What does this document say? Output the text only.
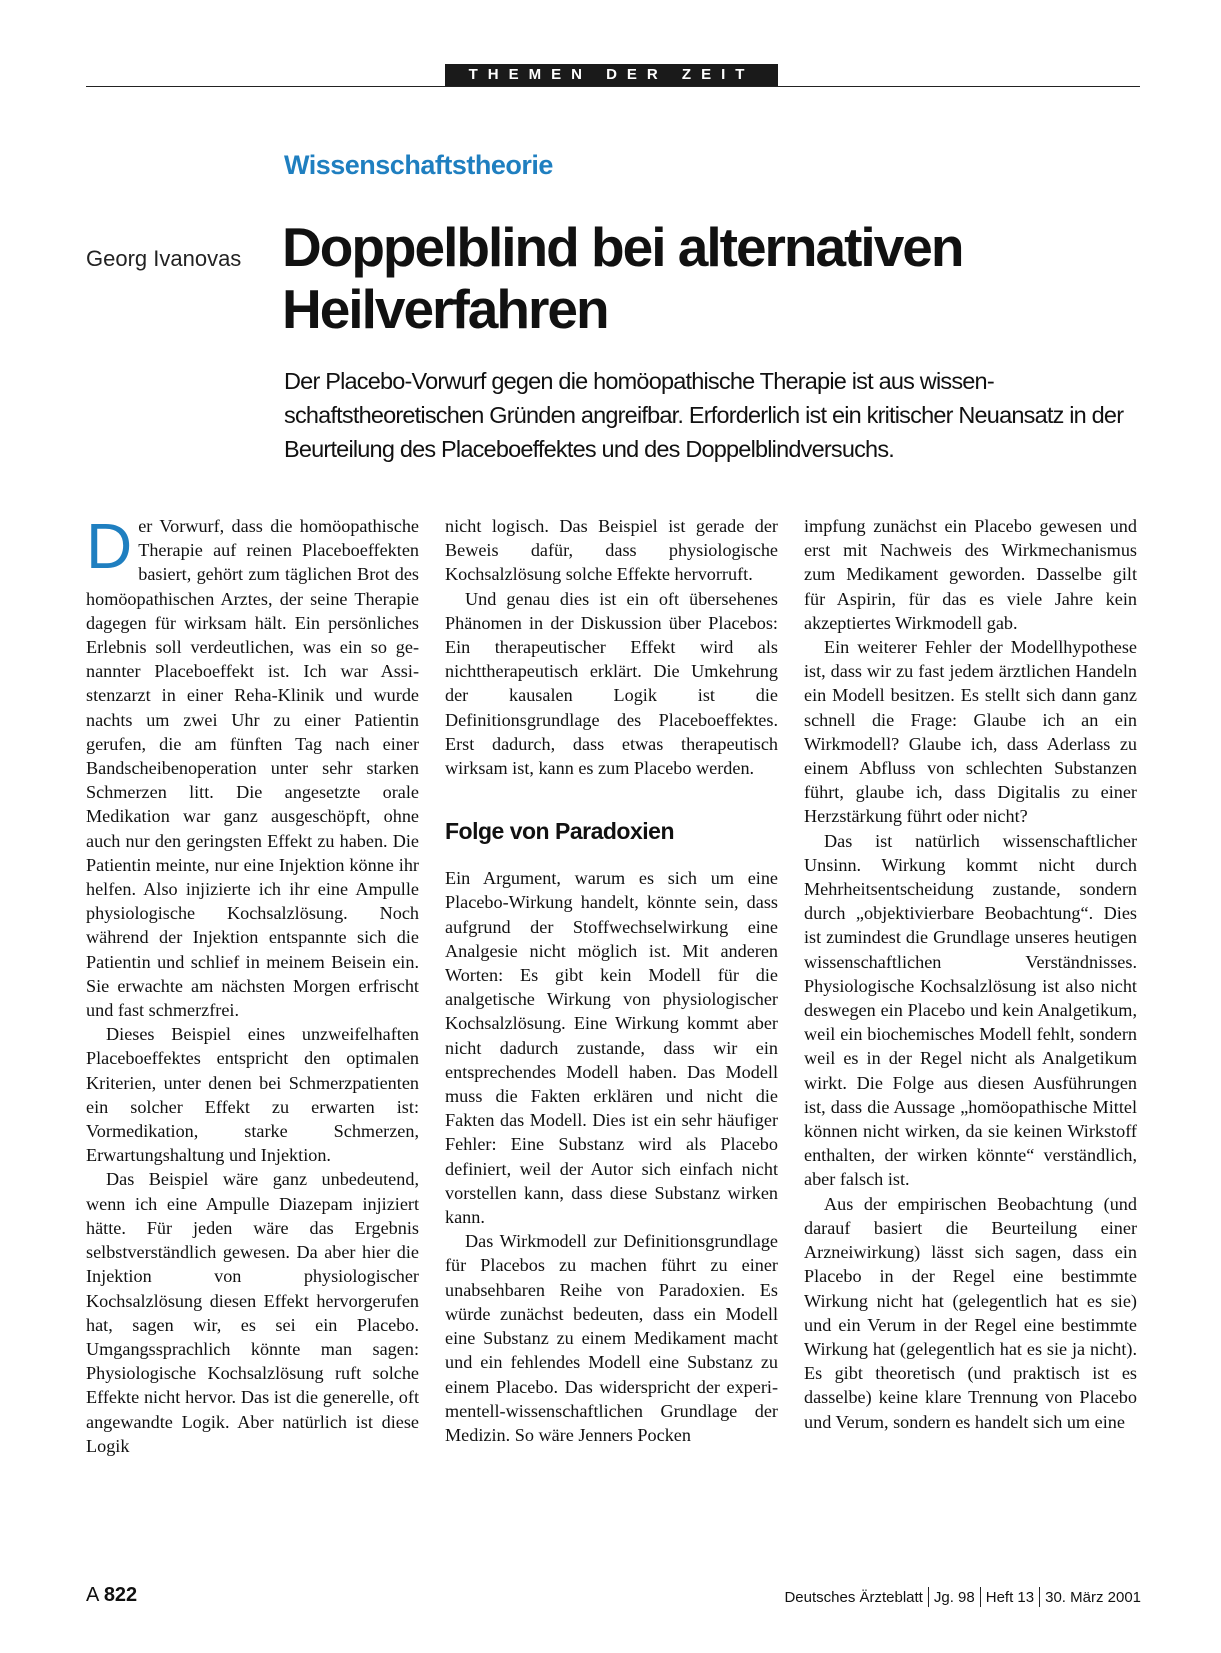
THEMEN DER ZEIT
Wissenschaftstheorie
Georg Ivanovas Doppelblind bei alternativen Heilverfahren

Der Placebo-Vorwurf gegen die homöopathische Therapie ist aus wissenschaftstheoretischen Gründen angreifbar. Erforderlich ist ein kritischer Neuansatz in der Beurteilung des Placeboeffektes und des Doppelblindversuchs.

Der Vorwurf, dass die homöopathische Therapie auf reinen Placeboeffekten basiert, gehört zum täglichen Brot des homöopathischen Arztes, der seine Therapie dagegen für wirksam hält. Ein persönliches Erlebnis soll verdeutlichen, was ein so genannter Placeboeffekt ist. Ich war Assistenzarzt in einer Reha-Klinik und wurde nachts um zwei Uhr zu einer Patientin gerufen, die am fünften Tag nach einer Bandscheibenoperation unter sehr starken Schmerzen litt. Die angesetzte orale Medikation war ganz ausgeschöpft, ohne auch nur den geringsten Effekt zu haben. Die Patientin meinte, nur eine Injektion könne ihr helfen. Also injizierte ich ihr eine Ampulle physiologische Kochsalzlösung. Noch während der Injektion entspannte sich die Patientin und schlief in meinem Beisein ein. Sie erwachte am nächsten Morgen erfrischt und fast schmerzfrei.

Dieses Beispiel eines unzweifelhaften Placeboeffektes entspricht den optimalen Kriterien, unter denen bei Schmerzpatienten ein solcher Effekt zu erwarten ist: Vormedikation, starke Schmerzen, Erwartungshaltung und Injektion.

Das Beispiel wäre ganz unbedeutend, wenn ich eine Ampulle Diazepam injiziert hätte. Für jeden wäre das Ergebnis selbstverständlich gewesen. Da aber hier die Injektion von physiologischer Kochsalzlösung diesen Effekt hervorgerufen hat, sagen wir, es sei ein Placebo. Umgangssprachlich könnte man sagen: Physiologische Kochsalzlösung ruft solche Effekte nicht hervor. Das ist die generelle, oft angewandte Logik. Aber natürlich ist diese Logik

nicht logisch. Das Beispiel ist gerade der Beweis dafür, dass physiologische Kochsalzlösung solche Effekte hervorruft.

Und genau dies ist ein oft übersehenes Phänomen in der Diskussion über Placebos: Ein therapeutischer Effekt wird als nichttherapeutisch erklärt. Die Umkehrung der kausalen Logik ist die Definitionsgrundlage des Placeboeffektes. Erst dadurch, dass etwas therapeutisch wirksam ist, kann es zum Placebo werden.

Folge von Paradoxien

Ein Argument, warum es sich um eine Placebo-Wirkung handelt, könnte sein, dass aufgrund der Stoffwechselwirkung eine Analgesie nicht möglich ist. Mit anderen Worten: Es gibt kein Modell für die analgetische Wirkung von physiologischer Kochsalzlösung. Eine Wirkung kommt aber nicht dadurch zustande, dass wir ein entsprechendes Modell haben. Das Modell muss die Fakten erklären und nicht die Fakten das Modell. Dies ist ein sehr häufiger Fehler: Eine Substanz wird als Placebo definiert, weil der Autor sich einfach nicht vorstellen kann, dass diese Substanz wirken kann.

Das Wirkmodell zur Definitionsgrundlage für Placebos zu machen führt zu einer unabsehbaren Reihe von Paradoxien. Es würde zunächst bedeuten, dass ein Modell eine Substanz zu einem Medikament macht und ein fehlendes Modell eine Substanz zu einem Placebo. Das widerspricht der experimentell-wissenschaftlichen Grundlage der Medizin. So wäre Jenners Pocken

impfung zunächst ein Placebo gewesen und erst mit Nachweis des Wirkmechanismus zum Medikament geworden. Dasselbe gilt für Aspirin, für das es viele Jahre kein akzeptiertes Wirkmodell gab.

Ein weiterer Fehler der Modellhypothese ist, dass wir zu fast jedem ärztlichen Handeln ein Modell besitzen. Es stellt sich dann ganz schnell die Frage: Glaube ich an ein Wirkmodell? Glaube ich, dass Aderlass zu einem Abfluss von schlechten Substanzen führt, glaube ich, dass Digitalis zu einer Herzstärkung führt oder nicht?

Das ist natürlich wissenschaftlicher Unsinn. Wirkung kommt nicht durch Mehrheitsentscheidung zustande, sondern durch „objektivierbare Beobachtung“. Dies ist zumindest die Grundlage unseres heutigen wissenschaftlichen Verständnisses. Physiologische Kochsalzlösung ist also nicht deswegen ein Placebo und kein Analgetikum, weil ein biochemisches Modell fehlt, sondern weil es in der Regel nicht als Analgetikum wirkt. Die Folge aus diesen Ausführungen ist, dass die Aussage „homöopathische Mittel können nicht wirken, da sie keinen Wirkstoff enthalten, der wirken könnte“ verständlich, aber falsch ist.

Aus der empirischen Beobachtung (und darauf basiert die Beurteilung einer Arzneiwirkung) lässt sich sagen, dass ein Placebo in der Regel eine bestimmte Wirkung nicht hat (gelegentlich hat es sie) und ein Verum in der Regel eine bestimmte Wirkung hat (gelegentlich hat es sie ja nicht). Es gibt theoretisch (und praktisch ist es dasselbe) keine klare Trennung von Placebo und Verum, sondern es handelt sich um eine

A 822	Deutsches Ärzteblatt Jg. 98 Heft 13 30. März 2001
